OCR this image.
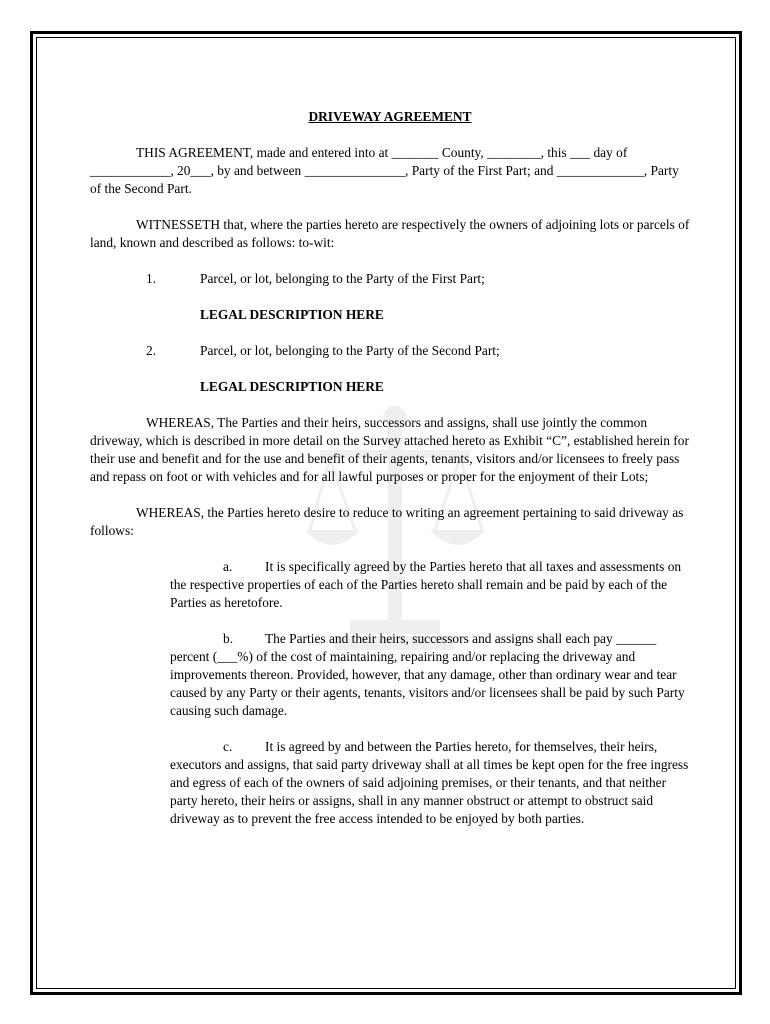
DRIVEWAY AGREEMENT

THIS AGREEMENT, made and entered into at _______ County, ________, this ___ day of ____________, 20___, by and between _______________, Party of the First Part; and _____________, Party of the Second Part.

WITNESSETH that, where the parties hereto are respectively the owners of adjoining lots or parcels of land, known and described as follows: to-wit:

1.	Parcel, or lot, belonging to the Party of the First Part;

LEGAL DESCRIPTION HERE

2.	Parcel, or lot, belonging to the Party of the Second Part;

LEGAL DESCRIPTION HERE

WHEREAS, The Parties and their heirs, successors and assigns, shall use jointly the common driveway, which is described in more detail on the Survey attached hereto as Exhibit “C”, established herein for their use and benefit and for the use and benefit of their agents, tenants, visitors and/or licensees to freely pass and repass on foot or with vehicles and for all lawful purposes or proper for the enjoyment of their Lots;

WHEREAS, the Parties hereto desire to reduce to writing an agreement pertaining to said driveway as follows:

a. It is specifically agreed by the Parties hereto that all taxes and assessments on the respective properties of each of the Parties hereto shall remain and be paid by each of the Parties as heretofore.

b. The Parties and their heirs, successors and assigns shall each pay ______ percent (___%) of the cost of maintaining, repairing and/or replacing the driveway and improvements thereon. Provided, however, that any damage, other than ordinary wear and tear caused by any Party or their agents, tenants, visitors and/or licensees shall be paid by such Party causing such damage.

c. It is agreed by and between the Parties hereto, for themselves, their heirs, executors and assigns, that said party driveway shall at all times be kept open for the free ingress and egress of each of the owners of said adjoining premises, or their tenants, and that neither party hereto, their heirs or assigns, shall in any manner obstruct or attempt to obstruct said driveway as to prevent the free access intended to be enjoyed by both parties.
